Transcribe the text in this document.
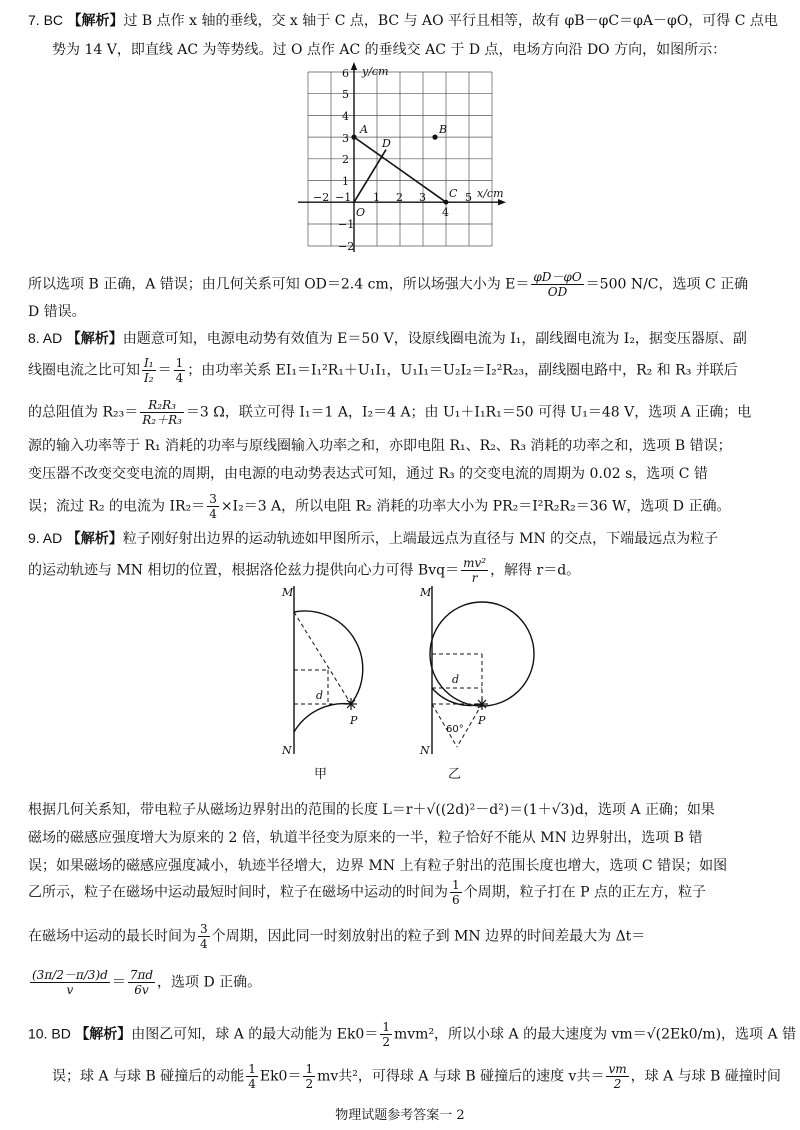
7. BC 【解析】过 B 点作 x 轴的垂线，交 x 轴于 C 点，BC 与 AO 平行且相等，故有 φB－φC＝φA－φO，可得 C 点电
势为 14 V，即直线 AC 为等势线。过 O 点作 AC 的垂线交 AC 于 D 点，电场方向沿 DO 方向，如图所示：
y/cm
x/cm
O
A	B
C
D
−2 −1 1 2 3
4
5
6
5
4
3
2
1
−1
−2
所以选项 B 正确，A 错误；由几何关系可知 OD＝2.4 cm，所以场强大小为 $E= \frac{\varphi D-\varphi O}{OD} =500$ N/C，选项 C 正确
D 错误。
8. AD 【解析】由题意可知，电源电动势有效值为 E＝50 V，设原线圈电流为 I₁，副线圈电流为 I₂，据变压器原、副
线圈电流之比可知 $\frac{\text{I₁}}{\text{I₂}} = \frac{1}{4}$ ；由功率关系 EI₁＝I₁²R₁＋U₁I₁，U₁I₁＝U₂I₂＝I₂²R₂₃，副线圈电路中，R₂ 和 R₃ 并联后
的总阻值为 $R_{23}= \frac{\text{R₂R₃}}{\text{R₂＋R₃}} =3$ Ω，联立可得 I₁＝1 A，I₂＝4 A；由 U₁＋I₁R₁＝50 可得 U₁＝48 V，选项 A 正确；电
源的输入功率等于 R₁ 消耗的功率与原线圈输入功率之和，亦即电阻 R₁、R₂、R₃ 消耗的功率之和，选项 B 错误；
变压器不改变交变电流的周期，由电源的电动势表达式可知，通过 R₃ 的交变电流的周期为 0.02 s，选项 C 错
误；流过 R₂ 的电流为 $IR_2= \frac{3}{4} \times I_2=3$ A，所以电阻 R₂ 消耗的功率大小为 PR₂＝I²R₂R₂＝36 W，选项 D 正确。
9. AD 【解析】粒子刚好射出边界的运动轨迹如甲图所示，上端最远点为直径与 MN 的交点，下端最远点为粒子
的运动轨迹与 MN 相切的位置，根据洛伦兹力提供向心力可得 $Bvq= \frac{\text{mv²}}{r}$ ，解得 r＝d。
M
N
P
d
甲
M
N
P
d
60°
乙
根据几何关系知，带电粒子从磁场边界射出的范围的长度 L＝r＋√((2d)²－d²)＝(1＋√3)d，选项 A 正确；如果
磁场的磁感应强度增大为原来的 2 倍，轨道半径变为原来的一半，粒子恰好不能从 MN 边界射出，选项 B 错
误；如果磁场的磁感应强度减小，轨迹半径增大，边界 MN 上有粒子射出的范围长度也增大，选项 C 错误；如图
乙所示，粒子在磁场中运动最短时间时，粒子在磁场中运动的时间为 $\frac{1}{6}$ 个周期，粒子打在 P 点的正左方，粒子
在磁场中运动的最长时间为 $\frac{3}{4}$ 个周期，因此同一时刻放射出的粒子到 MN 边界的时间差最大为 Δt＝
$\frac{(3\pi/2-\pi/3)d}{v} = \frac{7\pi d}{6v}$ ，选项 D 正确。
10. BD 【解析】由图乙可知，球 A 的最大动能为 $Ek0= \frac{1}{2} mvm^2$，所以小球 A 的最大速度为 vm＝√(2Ek0/m)，选项 A 错
误；球 A 与球 B 碰撞后的动能 $\frac{1}{4} Ek0= \frac{1}{2}$ mv共²，可得球 A 与球 B 碰撞后的速度 v共＝ $\frac{vm}{2}$ ，球 A 与球 B 碰撞时间
物理试题参考答案一 2
